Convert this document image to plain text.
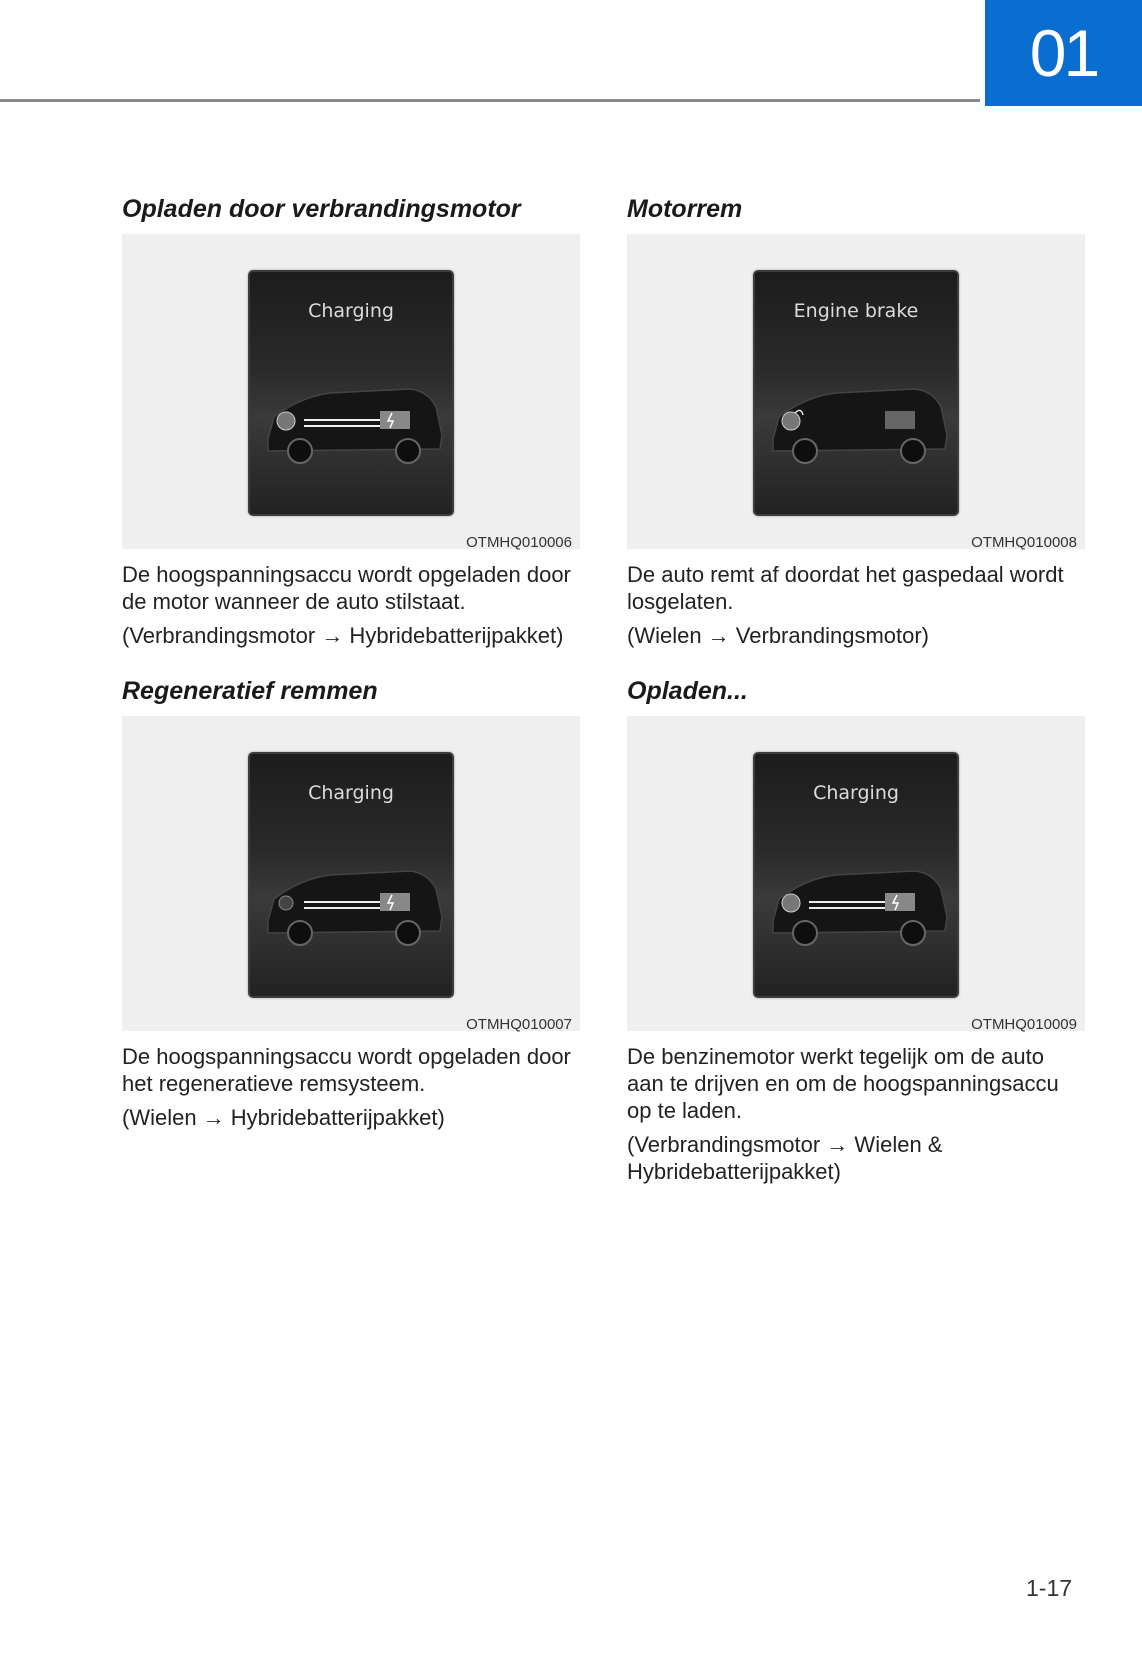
01
Opladen door verbrandingsmotor
Charging
OTMHQ010006
De hoogspanningsaccu wordt opgeladen door de motor wanneer de auto stilstaat.
(Verbrandingsmotor → Hybridebatterijpakket)
Motorrem
Engine brake
OTMHQ010008
De auto remt af doordat het gaspedaal wordt losgelaten.
(Wielen → Verbrandingsmotor)
Regeneratief remmen
Charging
OTMHQ010007
De hoogspanningsaccu wordt opgeladen door het regeneratieve remsysteem.
(Wielen → Hybridebatterijpakket)
Opladen...
Charging
OTMHQ010009
De benzinemotor werkt tegelijk om de auto aan te drijven en om de hoogspanningsaccu op te laden.
(Verbrandingsmotor → Wielen & Hybridebatterijpakket)
1-17
